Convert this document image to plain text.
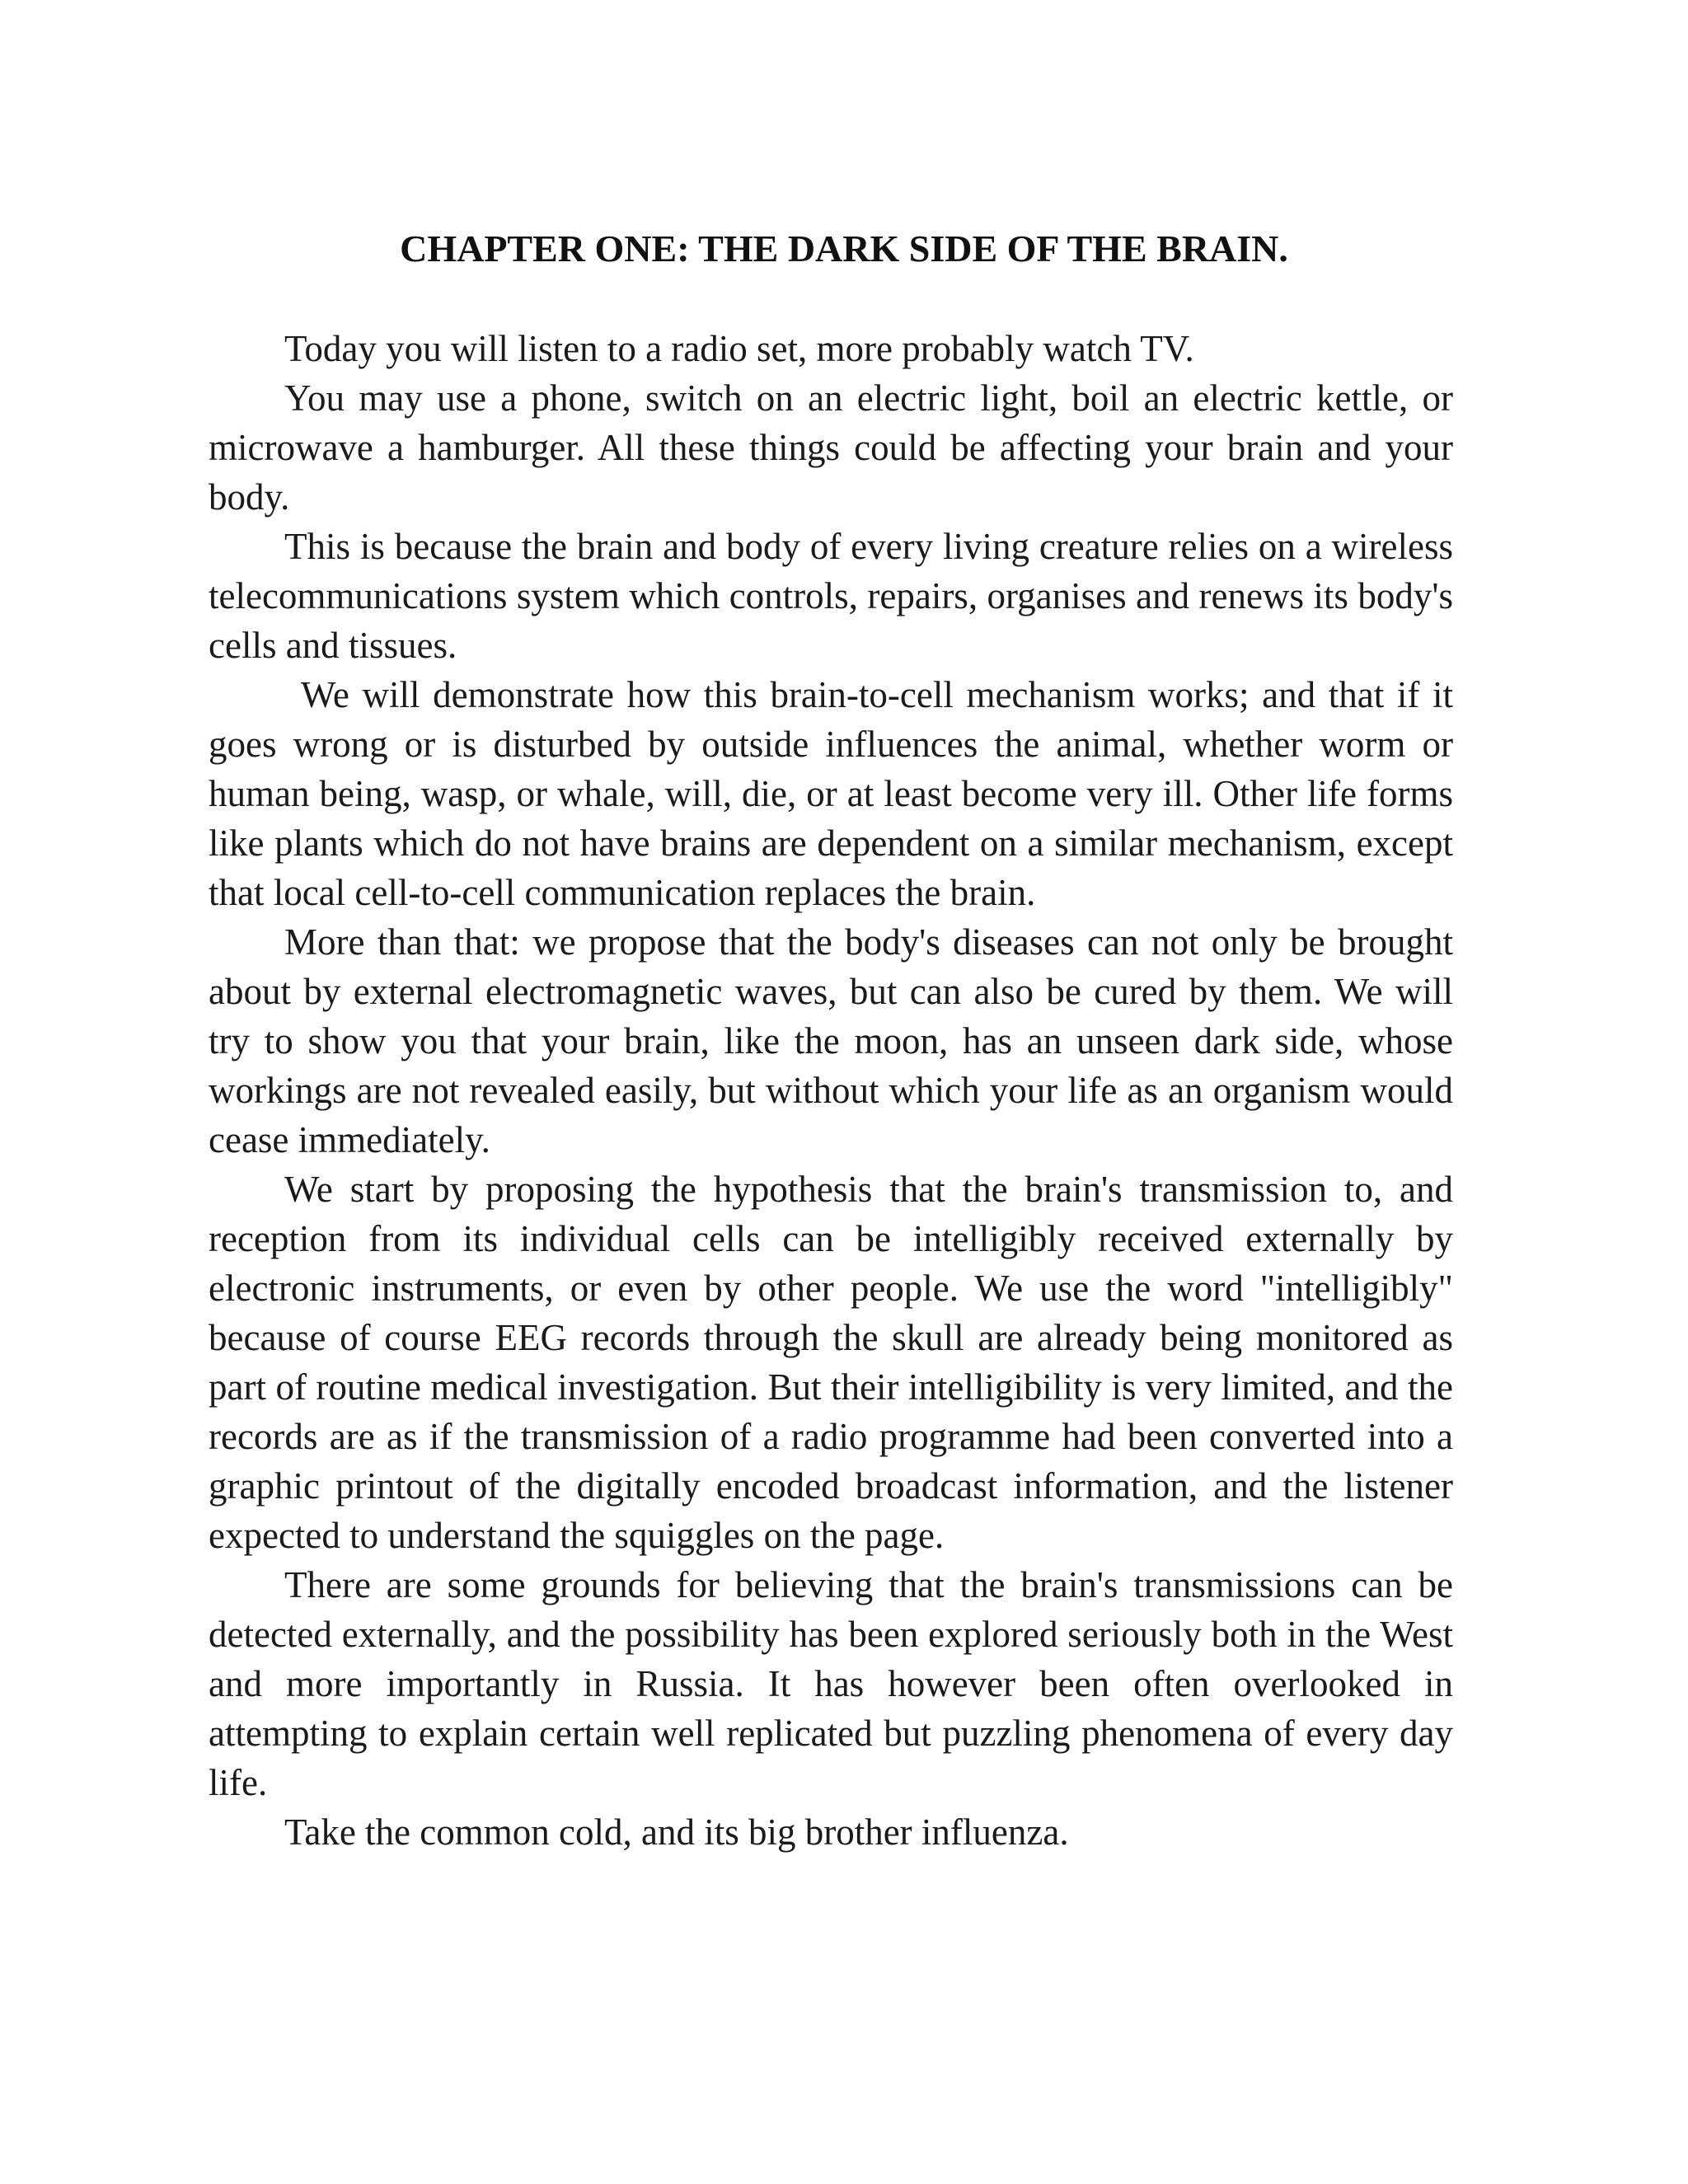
CHAPTER ONE: THE DARK SIDE OF THE BRAIN.

Today you will listen to a radio set, more probably watch TV.

You may use a phone, switch on an electric light, boil an electric kettle, or microwave a hamburger. All these things could be affecting your brain and your body.

This is because the brain and body of every living creature relies on a wireless telecommunications system which controls, repairs, organises and renews its body's cells and tissues.

We will demonstrate how this brain-to-cell mechanism works; and that if it goes wrong or is disturbed by outside influences the animal, whether worm or human being, wasp, or whale, will, die, or at least become very ill. Other life forms like plants which do not have brains are dependent on a similar mechanism, except that local cell-to-cell communication replaces the brain.

More than that: we propose that the body's diseases can not only be brought about by external electromagnetic waves, but can also be cured by them. We will try to show you that your brain, like the moon, has an unseen dark side, whose workings are not revealed easily, but without which your life as an organism would cease immediately.

We start by proposing the hypothesis that the brain's transmission to, and reception from its individual cells can be intelligibly received externally by electronic instruments, or even by other people. We use the word "intelligibly" because of course EEG records through the skull are already being monitored as part of routine medical investigation. But their intelligibility is very limited, and the records are as if the transmission of a radio programme had been converted into a graphic printout of the digitally encoded broadcast information, and the listener expected to understand the squiggles on the page.

There are some grounds for believing that the brain's transmissions can be detected externally, and the possibility has been explored seriously both in the West and more importantly in Russia. It has however been often overlooked in attempting to explain certain well replicated but puzzling phenomena of every day life.

Take the common cold, and its big brother influenza.
